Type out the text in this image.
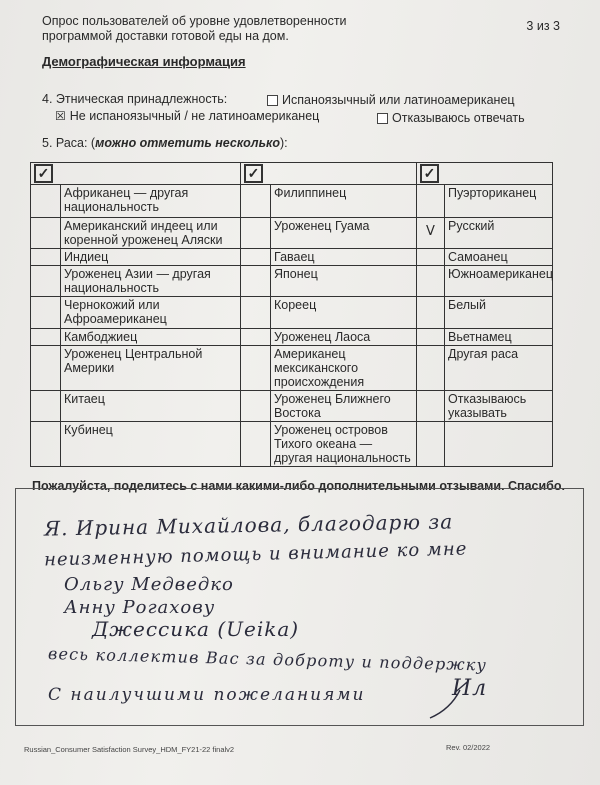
Опрос пользователей об уровне удовлетворенности
программой доставки готовой еды на дом.
3 из 3
Демографическая информация
4. Этническая принадлежность:	Испаноязычный или латиноамериканец
☒ Не испаноязычный / не латиноамериканец	Отказываюсь отвечать
5. Раса: (можно отметить несколько):
✓		✓		✓	
	Африканец — другая национальность		Филиппинец		Пуэрториканец
	Американский индеец или коренной уроженец Аляски		Уроженец Гуама	V	Русский
	Индиец		Гаваец		Самоанец
	Уроженец Азии — другая национальность		Японец		Южноамериканец
	Чернокожий или Афроамериканец		Кореец		Белый
	Камбоджиец		Уроженец Лаоса		Вьетнамец
	Уроженец Центральной Америки		Американец мексиканского происхождения		Другая раса
	Китаец		Уроженец Ближнего Востока		Отказываюсь указывать
	Кубинец		Уроженец островов Тихого океана — другая национальность		
Пожалуйста, поделитесь с нами какими-либо дополнительными отзывами. Спасибо.
Я. Ирина Михайлова, благодарю за
неизменную помощь и внимание ко мне
Ольгу Медведко
Анну Рогахову
Джессика (Ueika)
весь коллектив Вас за доброту и поддержку
С наилучшими пожеланиями	Ил
Russian_Consumer Satisfaction Survey_HDM_FY21-22 finalv2	Rev. 02/2022
